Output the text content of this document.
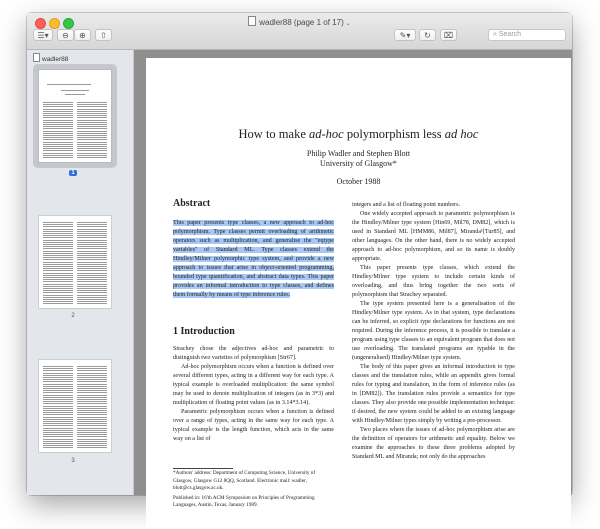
wadler88 (page 1 of 17) ⌄
☰▾	⊖	⊕	⇧	✎▾	↻	⌧	⌕ Search
wadler88
1
2
3
How to make ad-hoc polymorphism less ad hoc
Philip Wadler and Stephen Blott
University of Glasgow*
October 1988
Abstract
This paper presents type classes, a new approach to ad-hoc polymorphism. Type classes permit overloading of arithmetic operators such as multiplication, and generalise the "eqtype variables" of Standard ML. Type classes extend the Hindley/Milner polymorphic type system, and provide a new approach to issues that arise in object-oriented programming, bounded type quantification, and abstract data types. This paper provides an informal introduction to type classes, and defines them formally by means of type inference rules.
1 Introduction

Strachey chose the adjectives ad-hoc and parametric to distinguish two varieties of polymorphism [Str67].

Ad-hoc polymorphism occurs when a function is defined over several different types, acting in a different way for each type. A typical example is overloaded multiplication: the same symbol may be used to denote multiplication of integers (as in 3*3) and multiplication of floating point values (as in 3.14*3.14).

Parametric polymorphism occurs when a function is defined over a range of types, acting in the same way for each type. A typical example is the length function, which acts in the same way on a list of

*Authors' address: Department of Computing Science, University of Glasgow, Glasgow G12 8QQ, Scotland. Electronic mail: wadler, blott@cs.glasgow.ac.uk.

Published in: 16'th ACM Symposium on Principles of Programming Languages, Austin, Texas, January 1989.

integers and a list of floating point numbers.

One widely accepted approach to parametric polymorphism is the Hindley/Milner type system [Hin69, Mil78, DM82], which is used in Standard ML [HMM86, Mil87], Miranda¹[Tur85], and other languages. On the other hand, there is no widely accepted approach to ad-hoc polymorphism, and so its name is doubly appropriate.

This paper presents type classes, which extend the Hindley/Milner type system to include certain kinds of overloading, and thus bring together the two sorts of polymorphism that Strachey separated.

The type system presented here is a generalisation of the Hindley/Milner type system. As in that system, type declarations can be inferred, so explicit type declarations for functions are not required. During the inference process, it is possible to translate a program using type classes to an equivalent program that does not use overloading. The translated programs are typable in the (ungeneralised) Hindley/Milner type system.

The body of this paper gives an informal introduction to type classes and the translation rules, while an appendix gives formal rules for typing and translation, in the form of inference rules (as in [DM82]). The translation rules provide a semantics for type classes. They also provide one possible implementation technique: if desired, the new system could be added to an existing language with Hindley/Milner types simply by writing a pre-processor.

Two places where the issues of ad-hoc polymorphism arise are the definition of operators for arithmetic and equality. Below we examine the approaches to these three problems adopted by Standard ML and Miranda; not only do the approaches
